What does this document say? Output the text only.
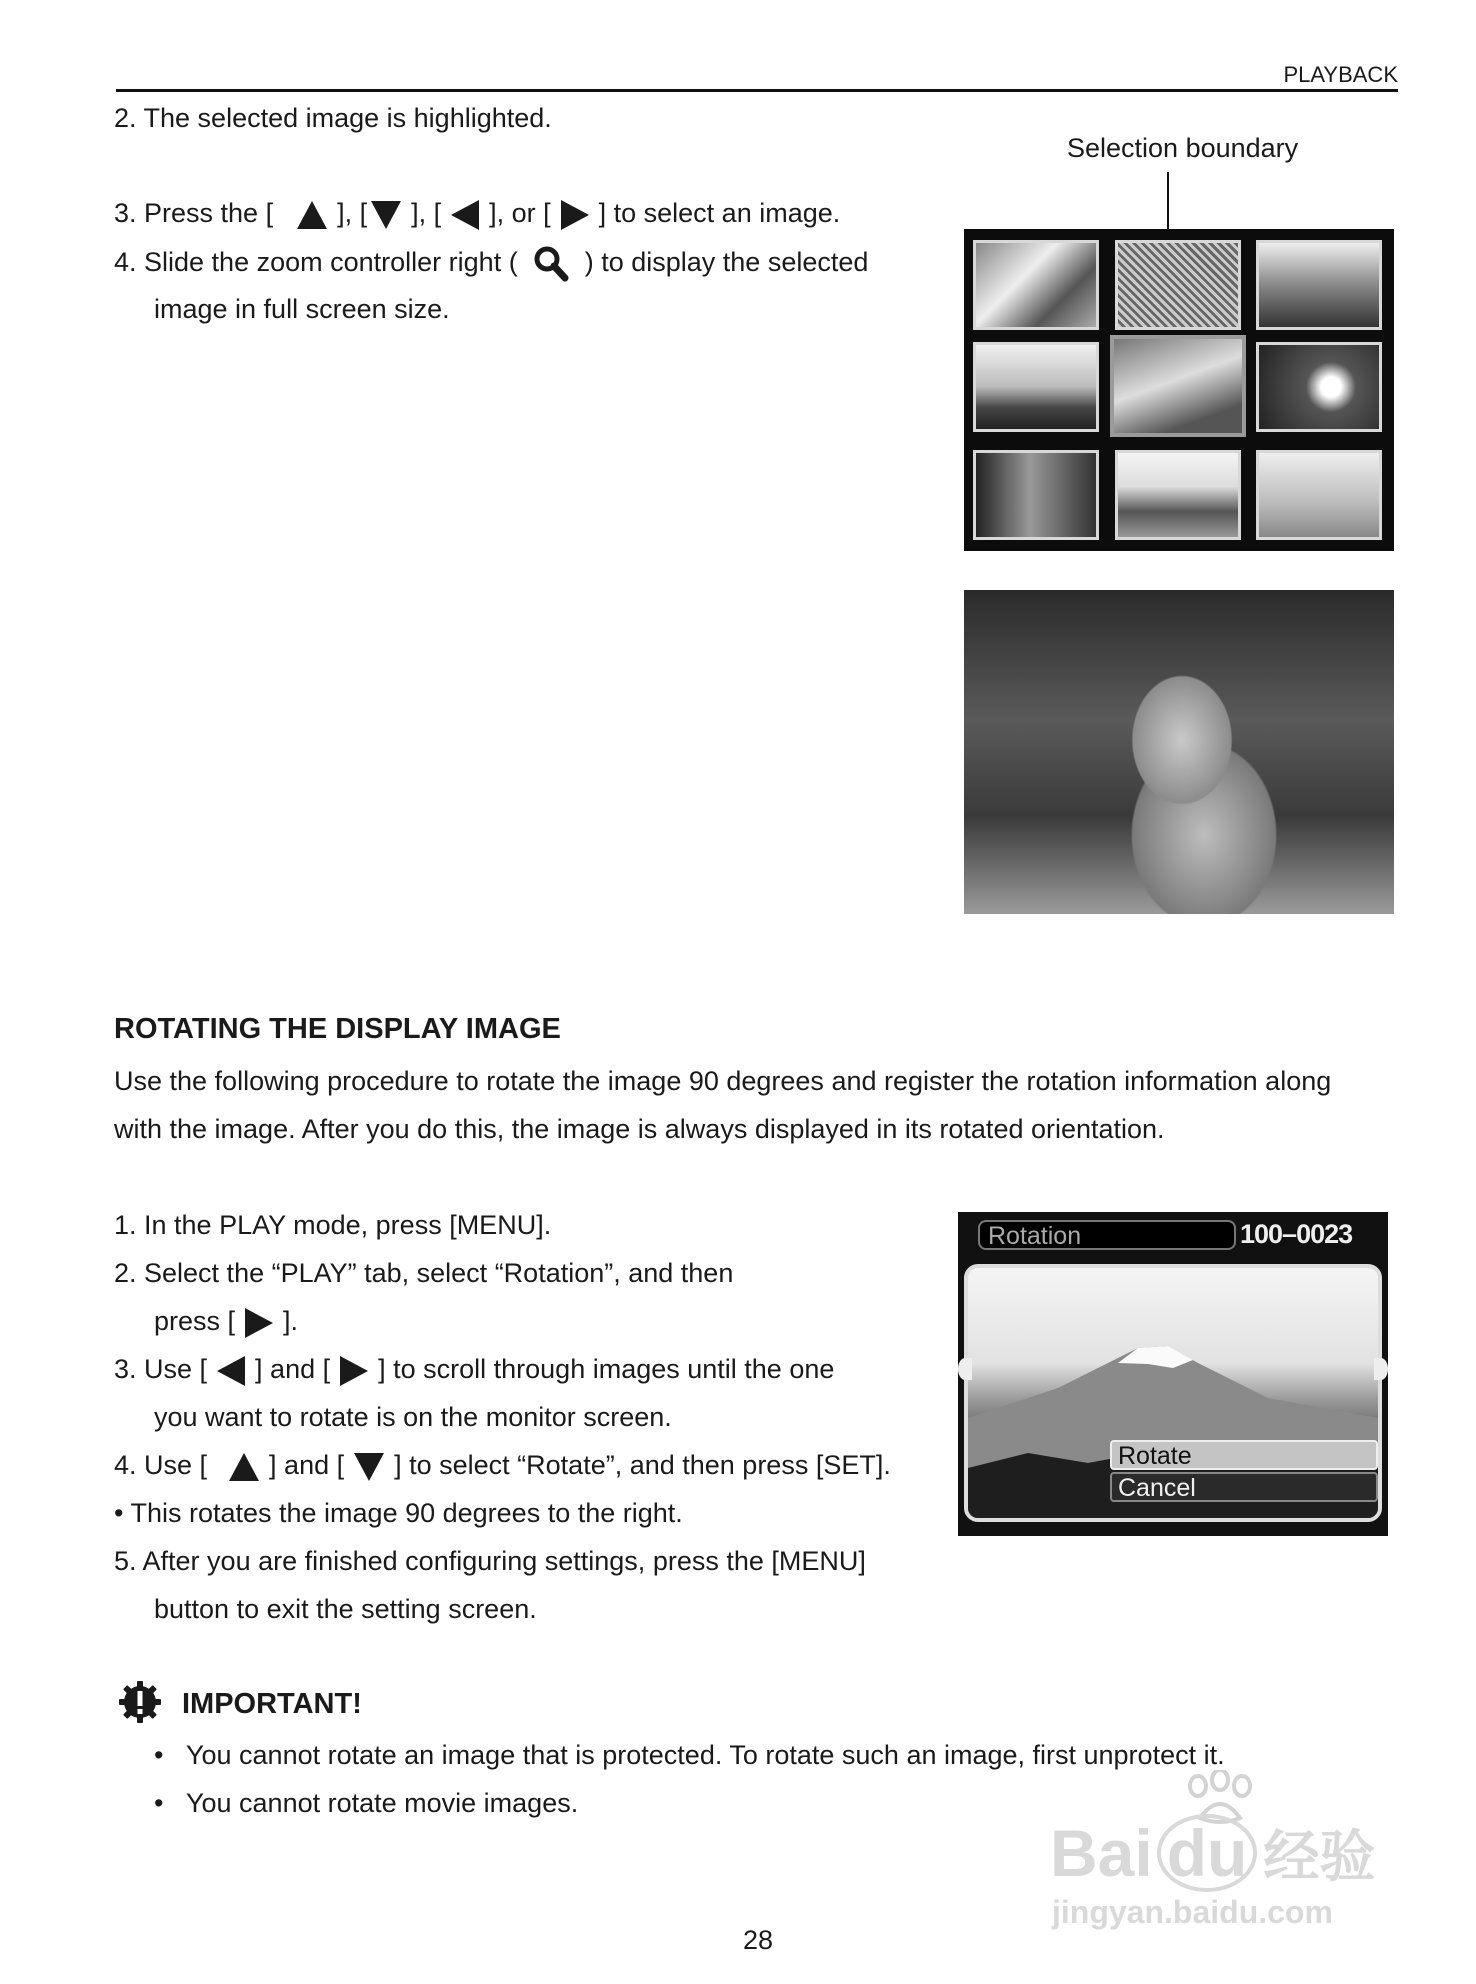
PLAYBACK
2. The selected image is highlighted.
3. Press the [ ], [ ], [ ], or [ ] to select an image.
4. Slide the zoom controller right ( ) to display the selected
image in full screen size.
Selection boundary
ROTATING THE DISPLAY IMAGE
Use the following procedure to rotate the image 90 degrees and register the rotation information along
with the image. After you do this, the image is always displayed in its rotated orientation.
1. In the PLAY mode, press [MENU].
2. Select the “PLAY” tab, select “Rotation”, and then
press [ ].
3. Use [ ] and [ ] to scroll through images until the one
you want to rotate is on the monitor screen.
4. Use [ ] and [ ] to select “Rotate”, and then press [SET].
• This rotates the image 90 degrees to the right.
5. After you are finished configuring settings, press the [MENU]
button to exit the setting screen.
Rotation	100–0023
Rotate
Cancel
IMPORTANT!
• You cannot rotate an image that is protected. To rotate such an image, first unprotect it.
• You cannot rotate movie images.
Bai du 经验
jingyan.baidu.com
28
